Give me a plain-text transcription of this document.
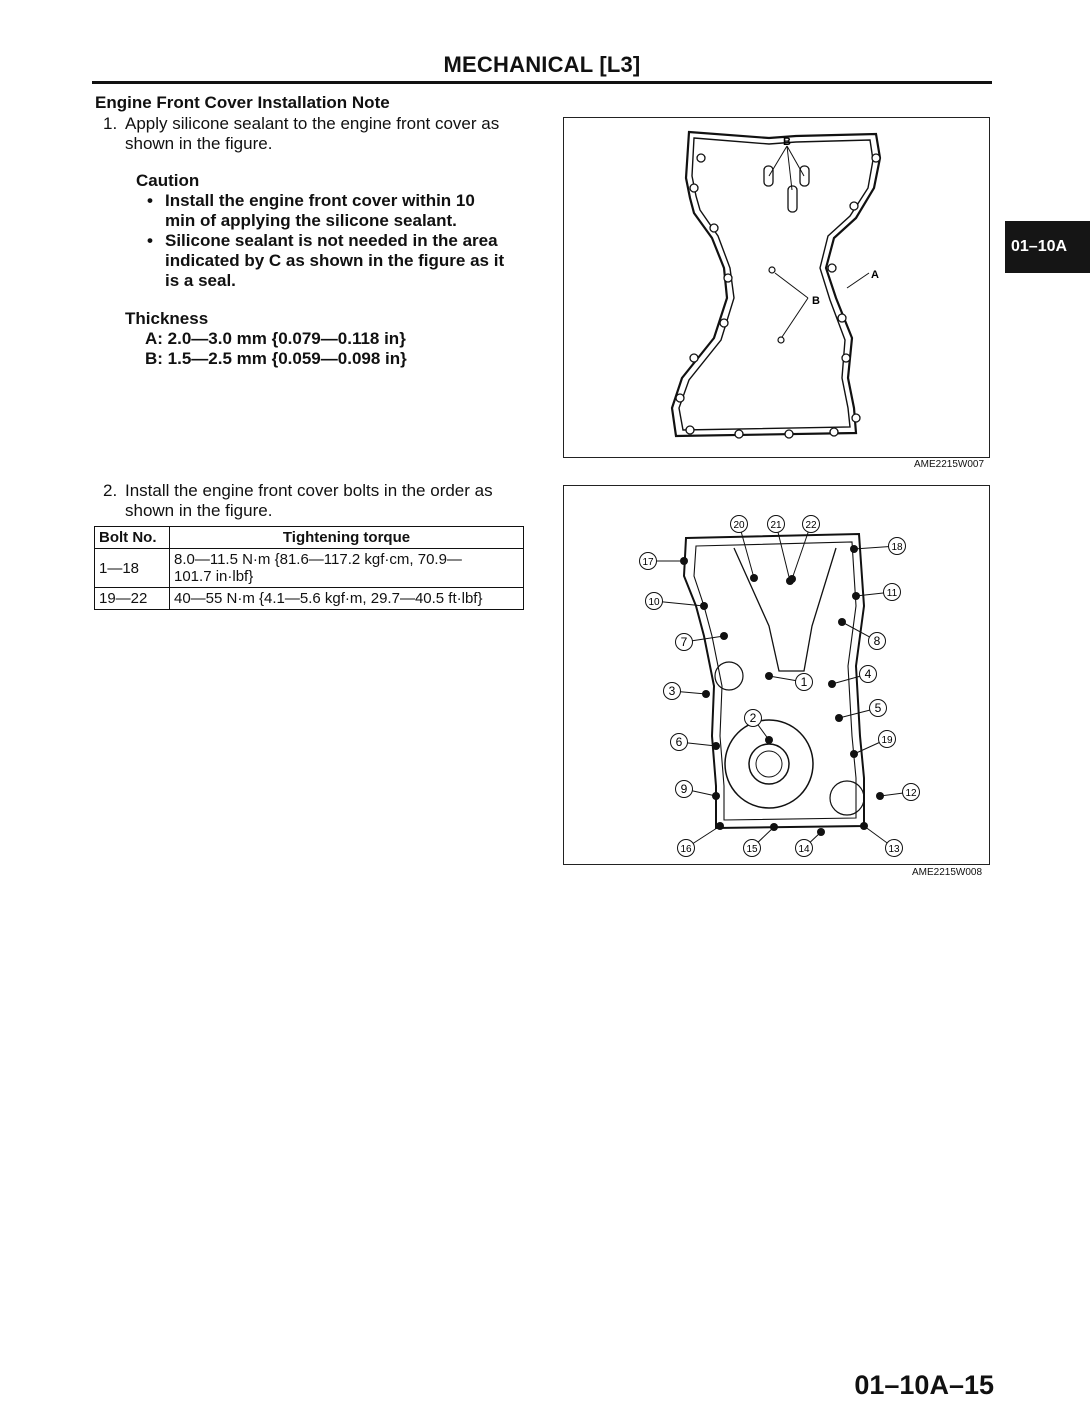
MECHANICAL [L3]
Engine Front Cover Installation Note
1. Apply silicone sealant to the engine front cover as
shown in the figure.
Caution
• Install the engine front cover within 10
min of applying the silicone sealant.
• Silicone sealant is not needed in the area
indicated by C as shown in the figure as it
is a seal.
Thickness
A: 2.0—3.0 mm {0.079—0.118 in}
B: 1.5—2.5 mm {0.059—0.098 in}
2. Install the engine front cover bolts in the order as
shown in the figure.
Bolt No.	Tightening torque
1—18	8.0—11.5 N·m {81.6—117.2 kgf·cm, 70.9—
101.7 in·lbf}
19—22	40—55 N·m {4.1—5.6 kgf·m, 29.7—40.5 ft·lbf}
B
B
A
AME2215W007
1
2
3
4
5
6
7	8
9
10
11
12
13
14
15
16
17
18
19
20	21 22
AME2215W008
01–10A
01–10A–15
